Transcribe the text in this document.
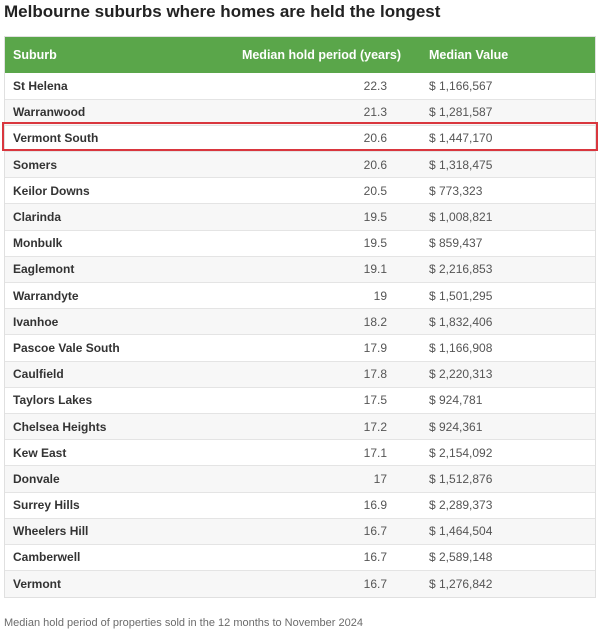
Melbourne suburbs where homes are held the longest
Suburb	Median hold period (years)	Median Value
St Helena	22.3	$ 1,166,567
Warranwood	21.3	$ 1,281,587
Vermont South	20.6	$ 1,447,170
Somers	20.6	$ 1,318,475
Keilor Downs	20.5	$ 773,323
Clarinda	19.5	$ 1,008,821
Monbulk	19.5	$ 859,437
Eaglemont	19.1	$ 2,216,853
Warrandyte	19	$ 1,501,295
Ivanhoe	18.2	$ 1,832,406
Pascoe Vale South	17.9	$ 1,166,908
Caulfield	17.8	$ 2,220,313
Taylors Lakes	17.5	$ 924,781
Chelsea Heights	17.2	$ 924,361
Kew East	17.1	$ 2,154,092
Donvale	17	$ 1,512,876
Surrey Hills	16.9	$ 2,289,373
Wheelers Hill	16.7	$ 1,464,504
Camberwell	16.7	$ 2,589,148
Vermont	16.7	$ 1,276,842
Median hold period of properties sold in the 12 months to November 2024
